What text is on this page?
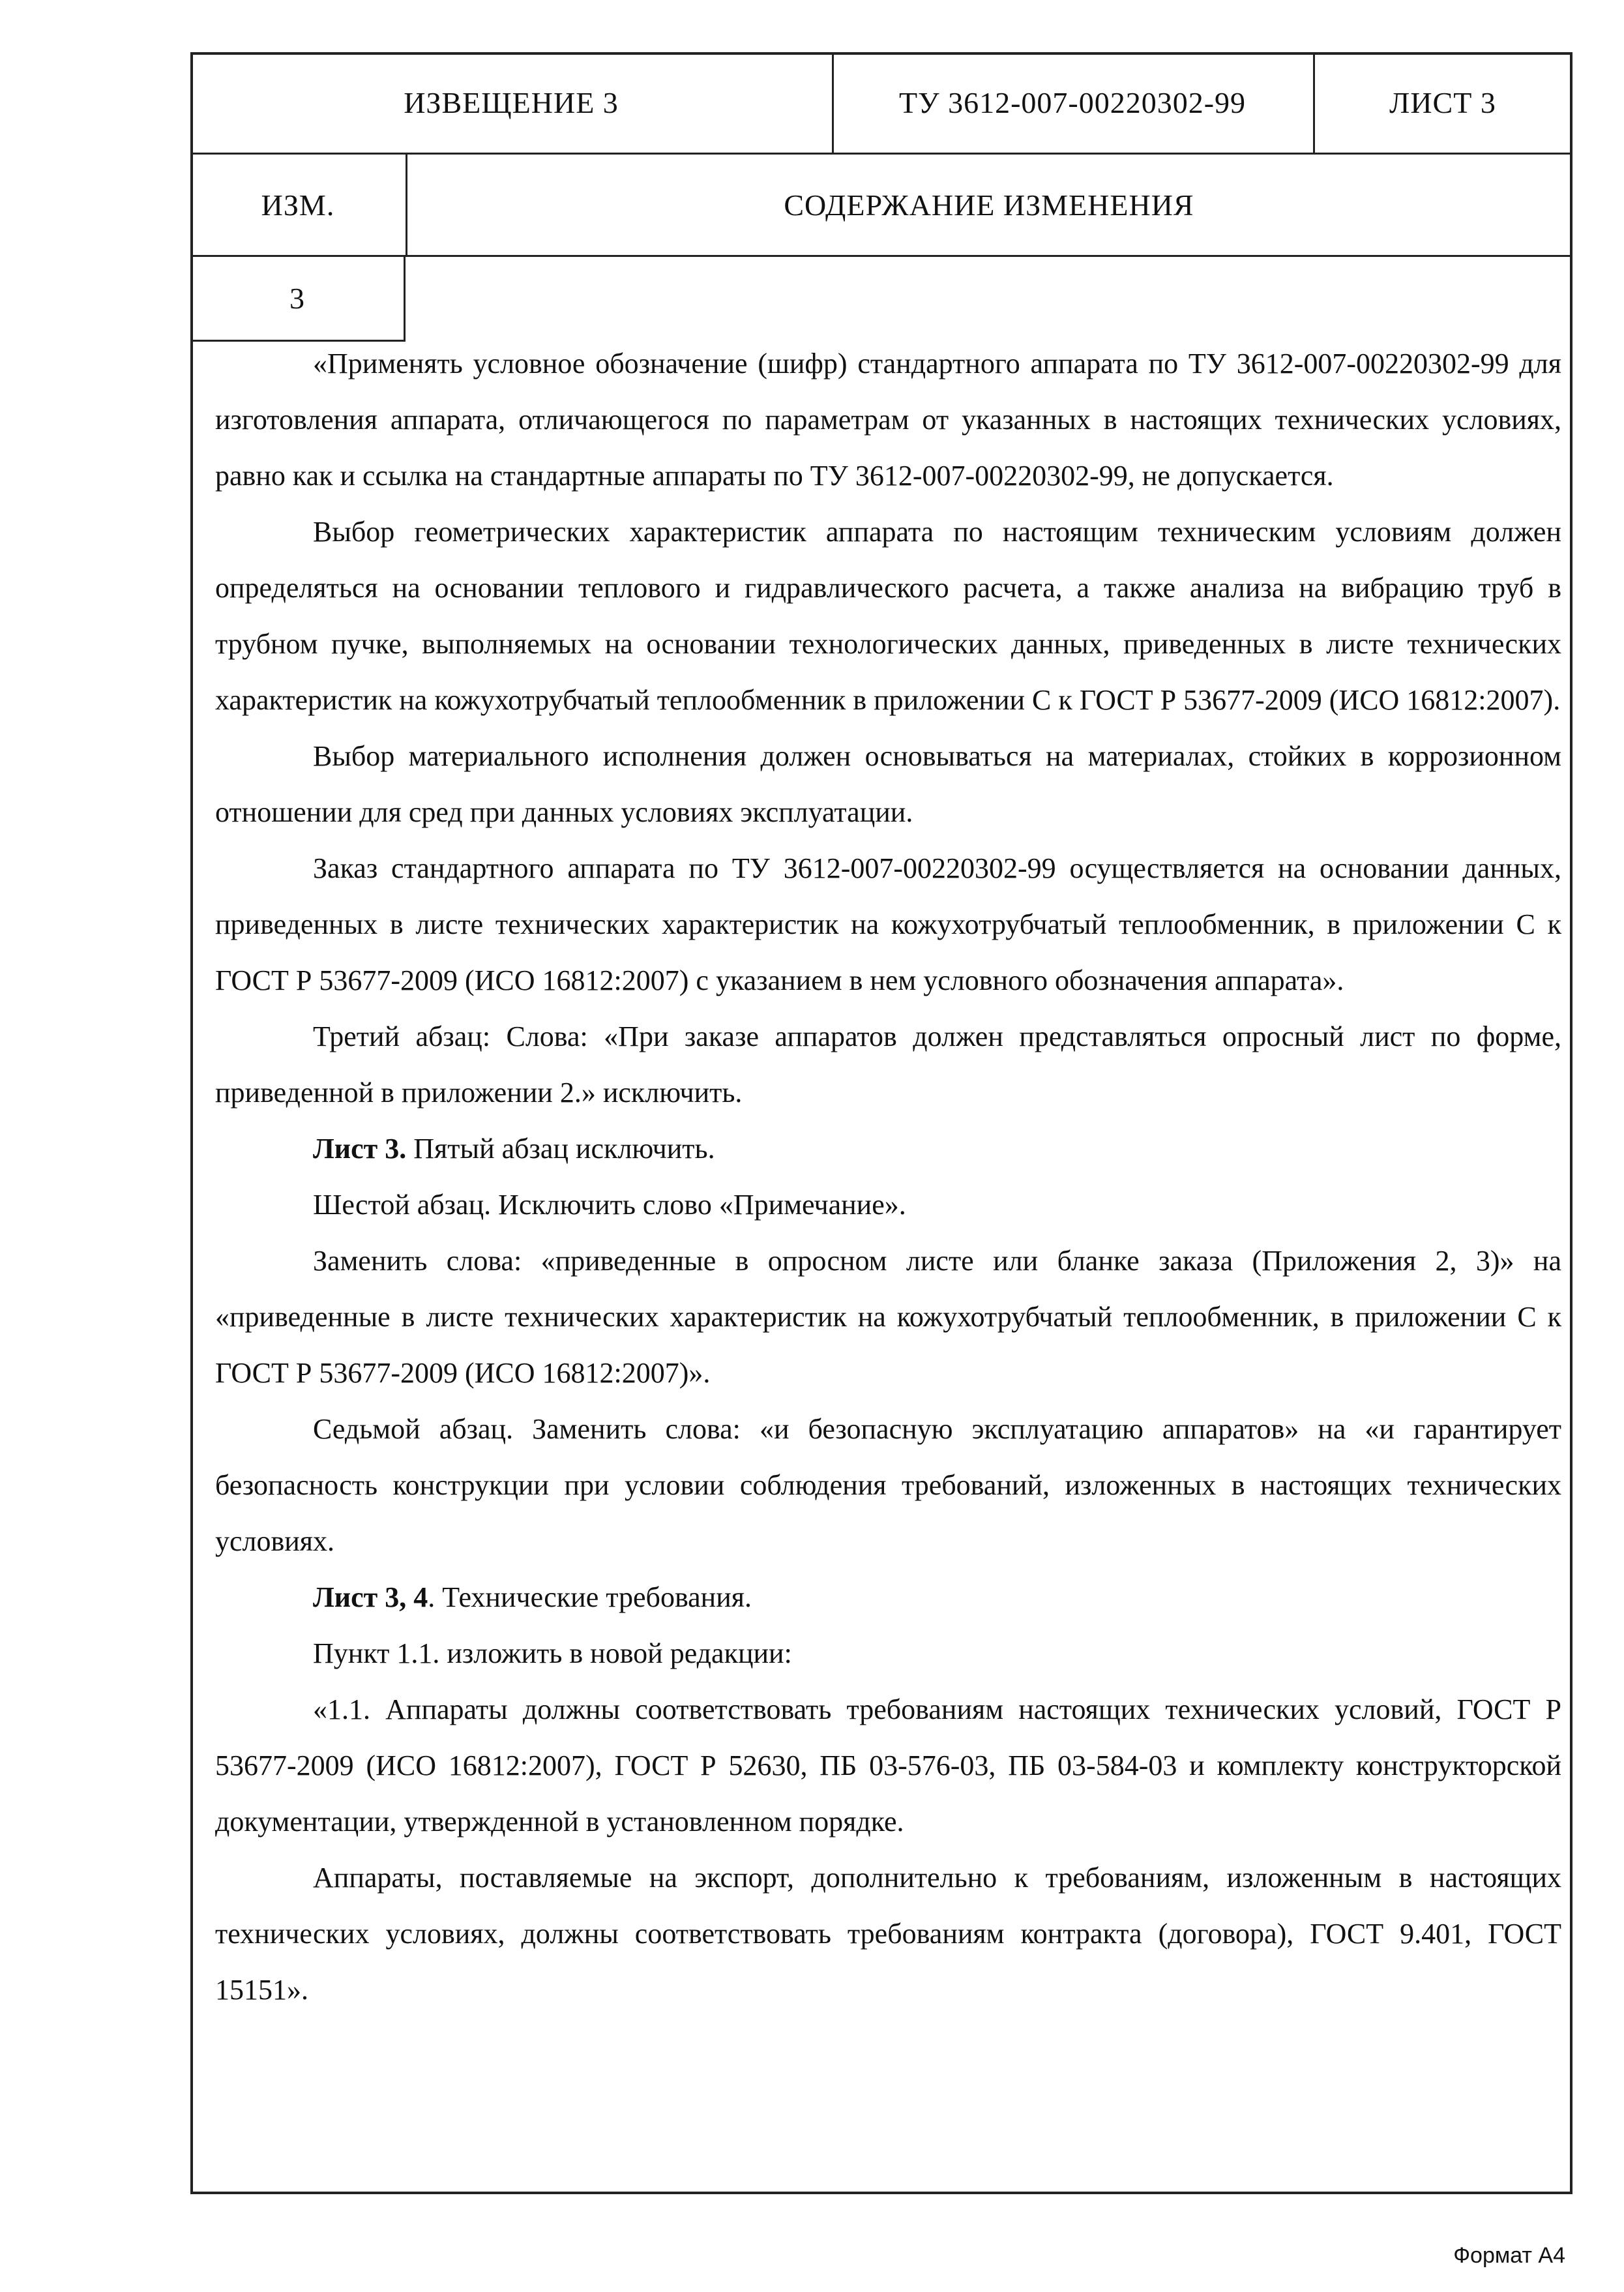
ИЗВЕЩЕНИЕ 3	ТУ 3612-007-00220302-99	ЛИСТ 3
ИЗМ.	СОДЕРЖАНИЕ ИЗМЕНЕНИЯ
3

«Применять условное обозначение (шифр) стандартного аппарата по ТУ 3612-007-00220302-99 для изготовления аппарата, отличающегося по параметрам от указанных в настоящих технических условиях, равно как и ссылка на стандартные аппараты по ТУ 3612-007-00220302-99, не допускается.

Выбор геометрических характеристик аппарата по настоящим техническим условиям должен определяться на основании теплового и гидравлического расчета, а также анализа на вибрацию труб в трубном пучке, выполняемых на основании технологических данных, приведенных в листе технических характеристик на кожухотрубчатый теплообменник в приложении С к ГОСТ Р 53677-2009 (ИСО 16812:2007).

Выбор материального исполнения должен основываться на материалах, стойких в коррозионном отношении для сред при данных условиях эксплуатации.

Заказ стандартного аппарата по ТУ 3612-007-00220302-99 осуществляется на основании данных, приведенных в листе технических характеристик на кожухотрубчатый теплообменник, в приложении С к ГОСТ Р 53677-2009 (ИСО 16812:2007) с указанием в нем условного обозначения аппарата».

Третий абзац: Слова: «При заказе аппаратов должен представляться опросный лист по форме, приведенной в приложении 2.» исключить.

Лист 3. Пятый абзац исключить.

Шестой абзац. Исключить слово «Примечание».

Заменить слова: «приведенные в опросном листе или бланке заказа (Приложения 2, 3)» на «приведенные в листе технических характеристик на кожухотрубчатый теплообменник, в приложении С к ГОСТ Р 53677-2009 (ИСО 16812:2007)».

Седьмой абзац. Заменить слова: «и безопасную эксплуатацию аппаратов» на «и гарантирует безопасность конструкции при условии соблюдения требований, изложенных в настоящих технических условиях.

Лист 3, 4. Технические требования.

Пункт 1.1. изложить в новой редакции:

«1.1. Аппараты должны соответствовать требованиям настоящих технических условий, ГОСТ Р 53677-2009 (ИСО 16812:2007), ГОСТ Р 52630, ПБ 03-576-03, ПБ 03-584-03 и комплекту конструкторской документации, утвержденной в установленном порядке.

Аппараты, поставляемые на экспорт, дополнительно к требованиям, изложенным в настоящих технических условиях, должны соответствовать требованиям контракта (договора), ГОСТ 9.401, ГОСТ 15151».

Формат А4
